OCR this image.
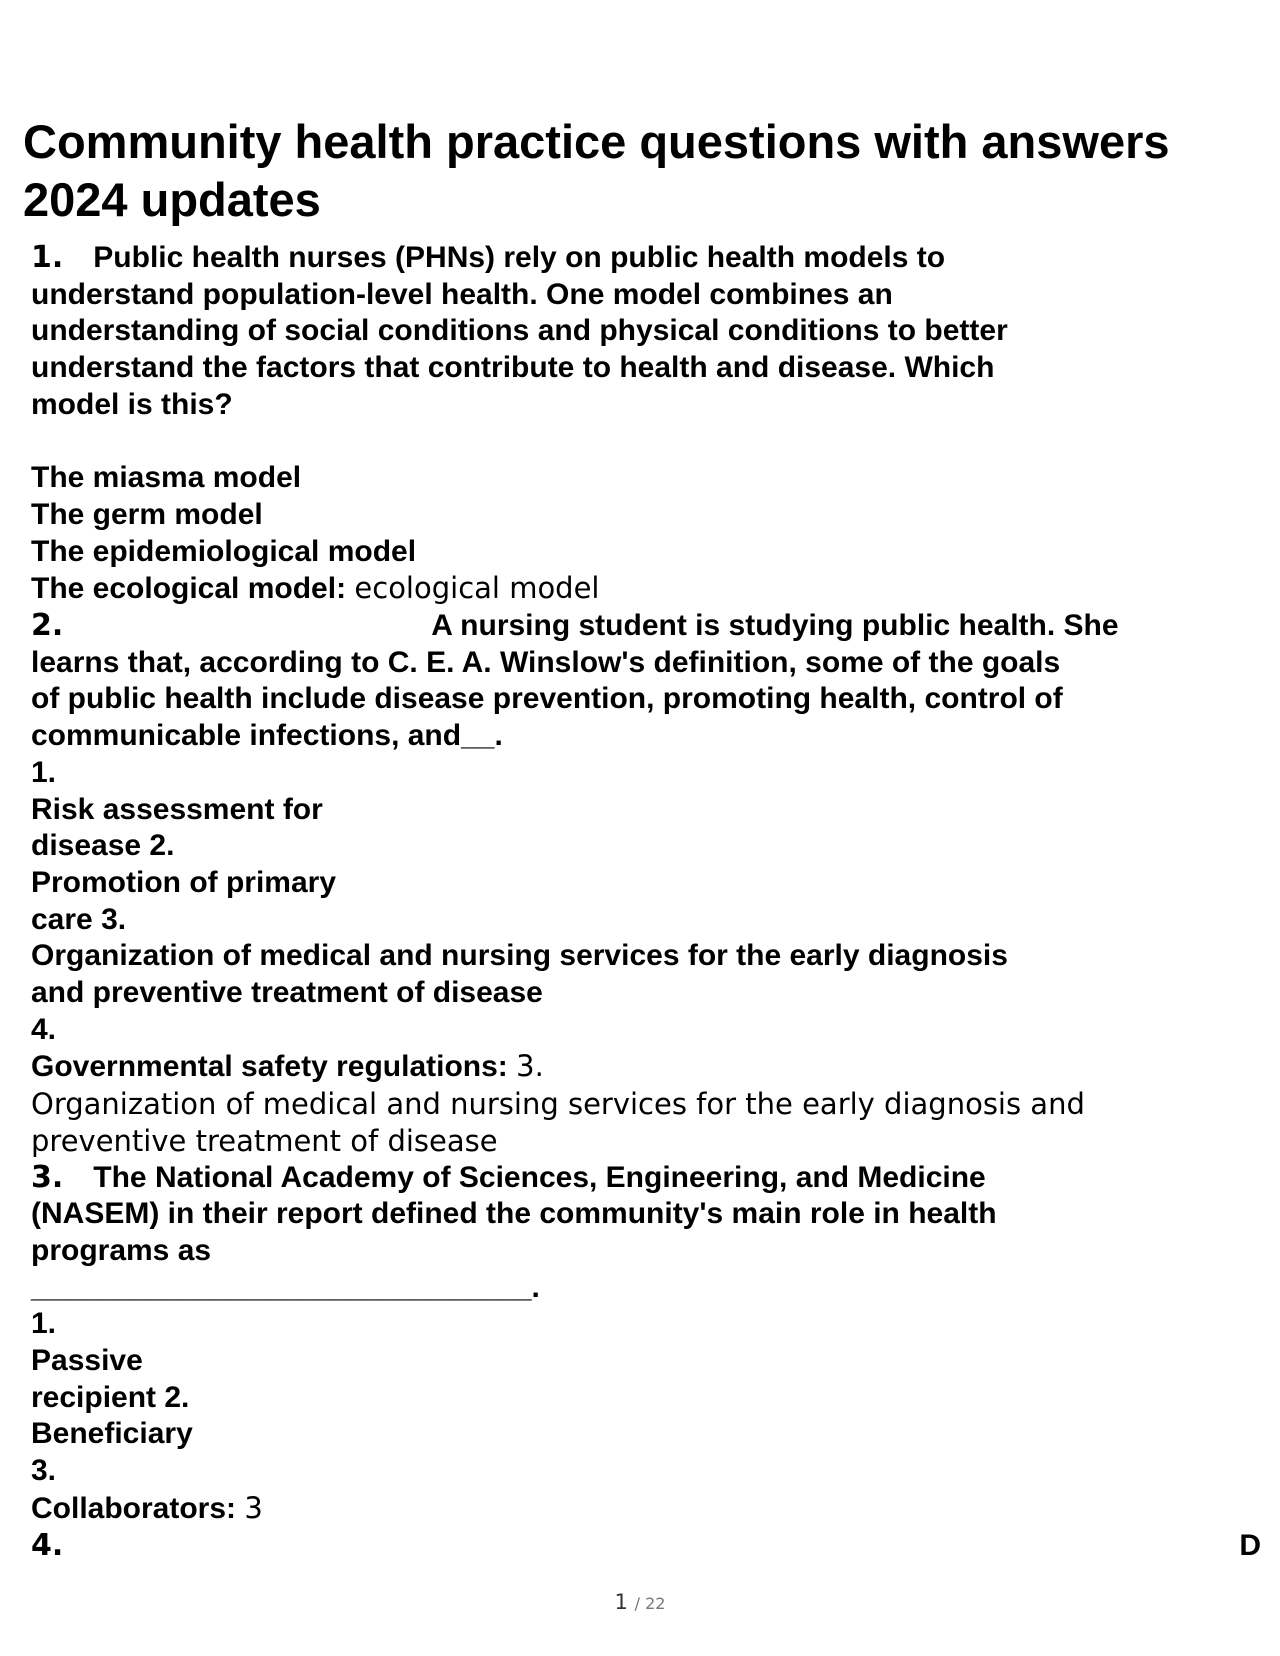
Community health practice questions with answers 2024 updates
1. Public health nurses (PHNs) rely on public health models to
understand population-level health. One model combines an
understanding of social conditions and physical conditions to better
understand the factors that contribute to health and disease. Which
model is this?
The miasma model
The germ model
The epidemiological model
The ecological model: ecological model
2.	A nursing student is studying public health. She
learns that, according to C. E. A. Winslow's definition, some of the goals
of public health include disease prevention, promoting health, control of
communicable infections, and__.
1.
Risk assessment for
disease 2.
Promotion of primary
care 3.
Organization of medical and nursing services for the early diagnosis
and preventive treatment of disease
4.
Governmental safety regulations: 3.
Organization of medical and nursing services for the early diagnosis and
preventive treatment of disease
3. The National Academy of Sciences, Engineering, and Medicine
(NASEM) in their report defined the community's main role in health
programs as
______________________________.
1.
Passive
recipient 2.
Beneficiary
3.
Collaborators: 3
4.	D
1 / 22
